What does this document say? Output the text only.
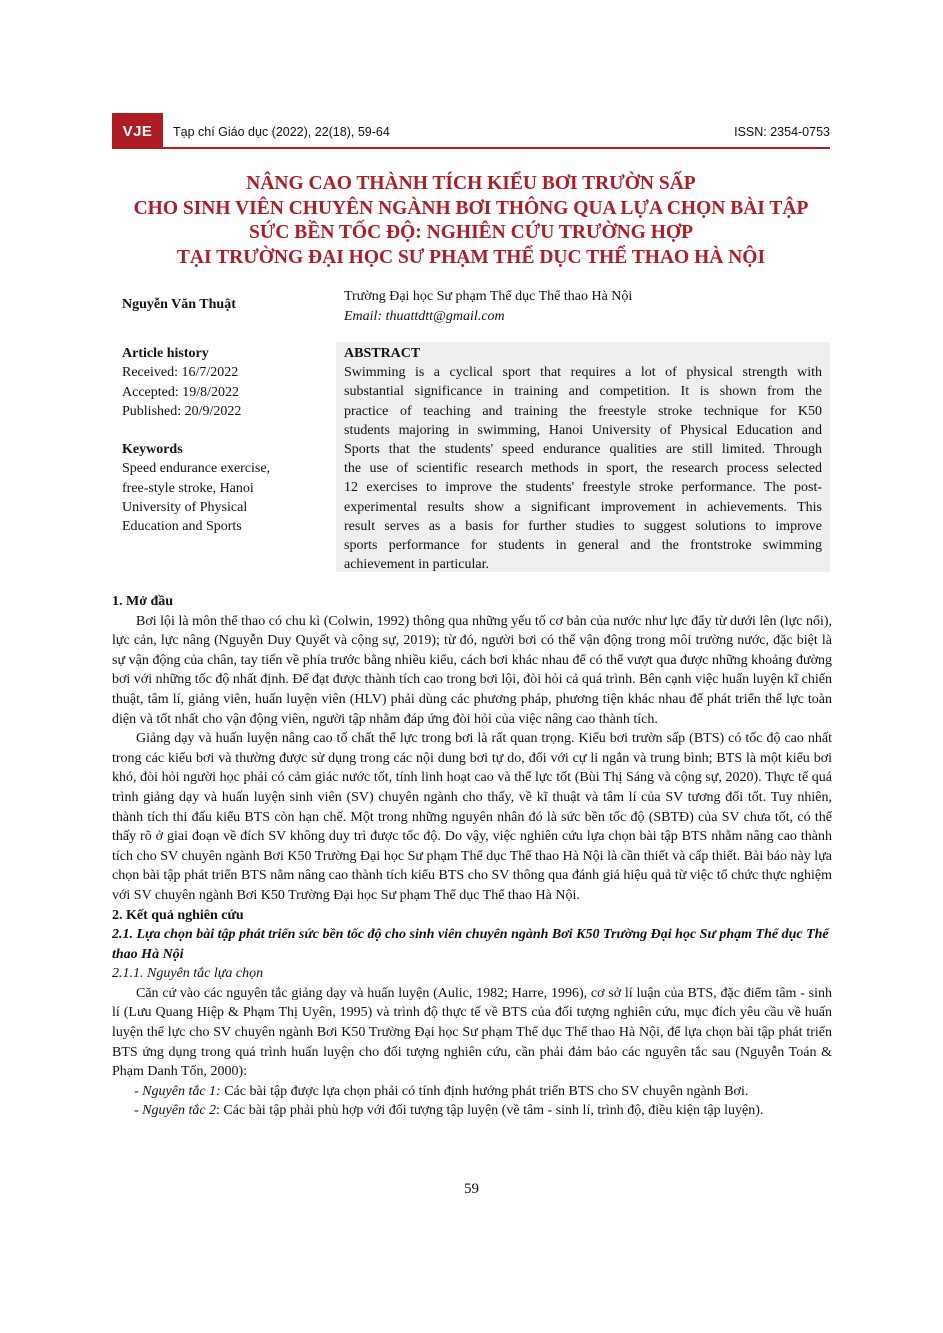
VJE	Tạp chí Giáo dục (2022), 22(18), 59-64	ISSN: 2354-0753
NÂNG CAO THÀNH TÍCH KIỂU BƠI TRƯỜN SẤP
CHO SINH VIÊN CHUYÊN NGÀNH BƠI THÔNG QUA LỰA CHỌN BÀI TẬP
SỨC BỀN TỐC ĐỘ: NGHIÊN CỨU TRƯỜNG HỢP
TẠI TRƯỜNG ĐẠI HỌC SƯ PHẠM THỂ DỤC THỂ THAO HÀ NỘI
Nguyễn Văn Thuật
Trường Đại học Sư phạm Thể dục Thể thao Hà Nội
Email: thuattdtt@gmail.com
Article history
Received: 16/7/2022
Accepted: 19/8/2022
Published: 20/9/2022
Keywords
Speed endurance exercise,
free-style stroke, Hanoi
University of Physical
Education and Sports
ABSTRACT
Swimming is a cyclical sport that requires a lot of physical strength with
substantial significance in training and competition. It is shown from the
practice of teaching and training the freestyle stroke technique for K50
students majoring in swimming, Hanoi University of Physical Education and
Sports that the students' speed endurance qualities are still limited. Through
the use of scientific research methods in sport, the research process selected
12 exercises to improve the students' freestyle stroke performance. The post-
experimental results show a significant improvement in achievements. This
result serves as a basis for further studies to suggest solutions to improve
sports performance for students in general and the frontstroke swimming
achievement in particular.
1. Mở đầu

Bơi lội là môn thể thao có chu kì (Colwin, 1992) thông qua những yếu tố cơ bản của nước như lực đẩy từ dưới lên (lực nổi), lực cản, lực nâng (Nguyễn Duy Quyết và cộng sự, 2019); từ đó, người bơi có thể vận động trong môi trường nước, đặc biệt là sự vận động của chân, tay tiến về phía trước bằng nhiều kiểu, cách bơi khác nhau để có thể vượt qua được những khoảng đường bơi với những tốc độ nhất định. Để đạt được thành tích cao trong bơi lội, đòi hỏi cả quá trình. Bên cạnh việc huấn luyện kĩ chiến thuật, tâm lí, giảng viên, huấn luyện viên (HLV) phải dùng các phương pháp, phương tiện khác nhau để phát triển thể lực toàn diện và tốt nhất cho vận động viên, người tập nhằm đáp ứng đòi hỏi của việc nâng cao thành tích.

Giảng dạy và huấn luyện nâng cao tố chất thể lực trong bơi là rất quan trọng. Kiểu bơi trườn sấp (BTS) có tốc độ cao nhất trong các kiểu bơi và thường được sử dụng trong các nội dung bơi tự do, đối với cự li ngắn và trung bình; BTS là một kiểu bơi khó, đòi hỏi người học phải có cảm giác nước tốt, tính linh hoạt cao và thể lực tốt (Bùi Thị Sáng và cộng sự, 2020). Thực tế quá trình giảng dạy và huấn luyện sinh viên (SV) chuyên ngành cho thấy, về kĩ thuật và tâm lí của SV tương đối tốt. Tuy nhiên, thành tích thi đấu kiểu BTS còn hạn chế. Một trong những nguyên nhân đó là sức bền tốc độ (SBTĐ) của SV chưa tốt, có thể thấy rõ ở giai đoạn về đích SV không duy trì được tốc độ. Do vậy, việc nghiên cứu lựa chọn bài tập BTS nhằm nâng cao thành tích cho SV chuyên ngành Bơi K50 Trường Đại học Sư phạm Thể dục Thể thao Hà Nội là cần thiết và cấp thiết. Bài báo này lựa chọn bài tập phát triển BTS nằm nâng cao thành tích kiểu BTS cho SV thông qua đánh giá hiệu quả từ việc tổ chức thực nghiệm với SV chuyên ngành Bơi K50 Trường Đại học Sư phạm Thể dục Thể thao Hà Nội.

2. Kết quả nghiên cứu
2.1. Lựa chọn bài tập phát triển sức bền tốc độ cho sinh viên chuyên ngành Bơi K50 Trường Đại học Sư phạm Thể dục Thể thao Hà Nội
2.1.1. Nguyên tắc lựa chọn

Căn cứ vào các nguyên tắc giảng dạy và huấn luyện (Aulic, 1982; Harre, 1996), cơ sở lí luận của BTS, đặc điểm tâm - sinh lí (Lưu Quang Hiệp & Phạm Thị Uyên, 1995) và trình độ thực tế về BTS của đối tượng nghiên cứu, mục đích yêu cầu về huấn luyện thể lực cho SV chuyên ngành Bơi K50 Trường Đại học Sư phạm Thể dục Thể thao Hà Nội, để lựa chọn bài tập phát triển BTS ứng dụng trong quá trình huấn luyện cho đối tượng nghiên cứu, cần phải đảm bảo các nguyên tắc sau (Nguyễn Toán & Phạm Danh Tốn, 2000):

- Nguyên tắc 1: Các bài tập được lựa chọn phải có tính định hướng phát triển BTS cho SV chuyên ngành Bơi.

- Nguyên tắc 2: Các bài tập phải phù hợp với đối tượng tập luyện (về tâm - sinh lí, trình độ, điều kiện tập luyện).

59
